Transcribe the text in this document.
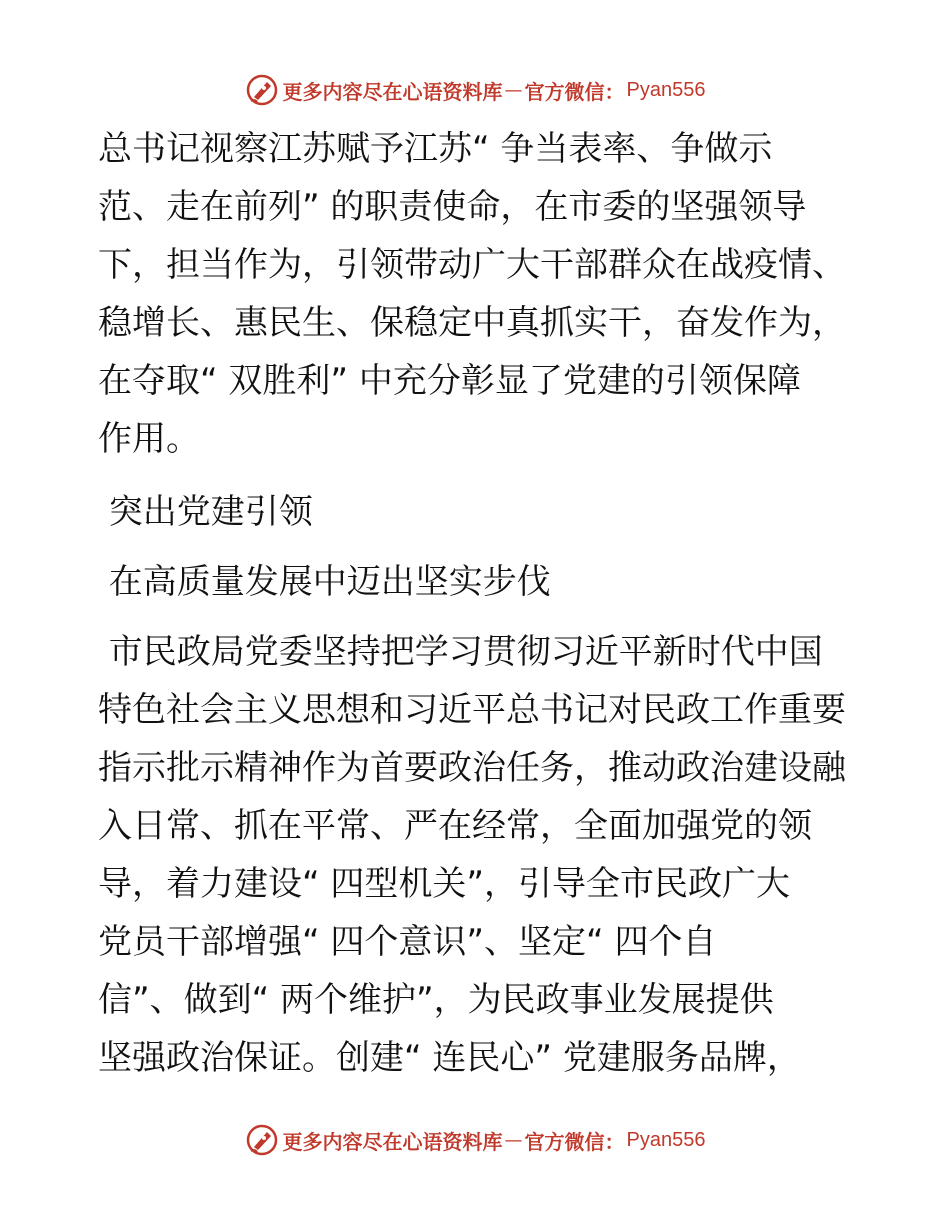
更多内容尽在心语资料库 — 官方微信： Pyan556
总书记视察江苏赋予江苏“ 争当表率、争做示
范、走在前列” 的职责使命，在市委的坚强领导
下，担当作为，引领带动广大干部群众在战疫情、
稳增长、惠民生、保稳定中真抓实干，奋发作为，
在夺取“ 双胜利” 中充分彰显了党建的引领保障
作用。
突出党建引领
在高质量发展中迈出坚实步伐
市民政局党委坚持把学习贯彻习近平新时代中国
特色社会主义思想和习近平总书记对民政工作重要
指示批示精神作为首要政治任务，推动政治建设融
入日常、抓在平常、严在经常，全面加强党的领
导，着力建设“ 四型机关”，引导全市民政广大
党员干部增强“ 四个意识”、坚定“ 四个自
信”、做到“ 两个维护”，为民政事业发展提供
坚强政治保证。创建“ 连民心” 党建服务品牌，
更多内容尽在心语资料库 — 官方微信： Pyan556
